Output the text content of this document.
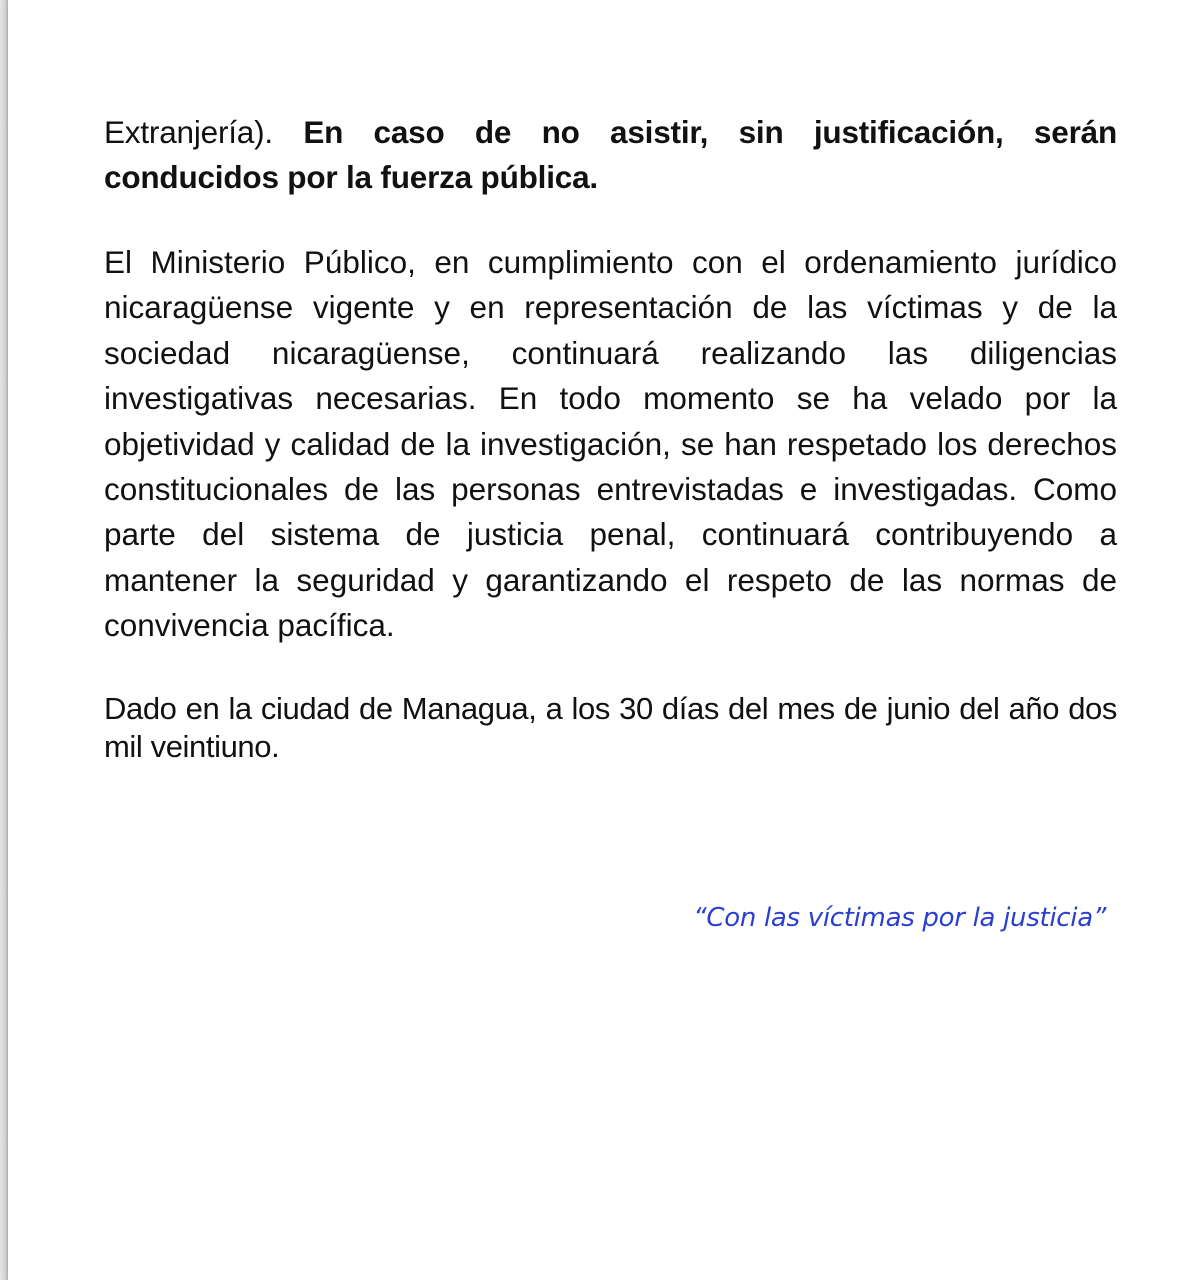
Extranjería). En caso de no asistir, sin justificación, serán conducidos por la fuerza pública.

El Ministerio Público, en cumplimiento con el ordenamiento jurídico nicaragüense vigente y en representación de las víctimas y de la sociedad nicaragüense, continuará realizando las diligencias investigativas necesarias. En todo momento se ha velado por la objetividad y calidad de la investigación, se han respetado los derechos constitucionales de las personas entrevistadas e investigadas. Como parte del sistema de justicia penal, continuará contribuyendo a mantener la seguridad y garantizando el respeto de las normas de convivencia pacífica.

Dado en la ciudad de Managua, a los 30 días del mes de junio del año dos mil veintiuno.

“Con las víctimas por la justicia”
